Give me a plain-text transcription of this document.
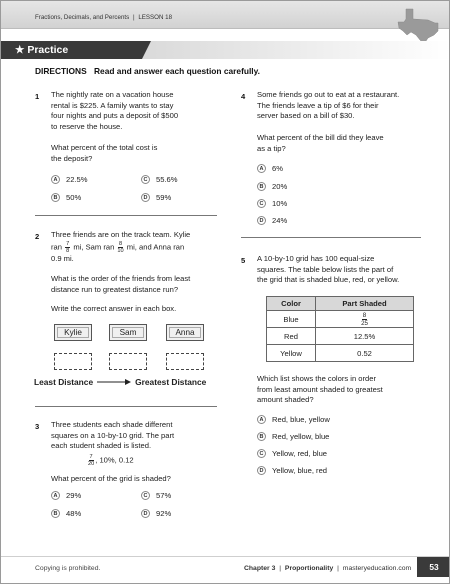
Fractions, Decimals, and Percents | LESSON 18
★ Practice
DIRECTIONS Read and answer each question carefully.
1 The nightly rate on a vacation house
rental is $225. A family wants to stay
four nights and puts a deposit of $500
to reserve the house.
What percent of the total cost is
the deposit?
A	22.5%
B	50%
C	55.6%
D	59%
2 Three friends are on the track team. Kylie
ran $\frac{7}{8}$ mi, Sam ran $\frac{8}{10}$ mi, and Anna ran
0.9 mi.
What is the order of the friends from least
distance run to greatest distance run?
Write the correct answer in each box.
Kylie	Sam	Anna
Least Distance	Greatest Distance
3 Three students each shade different
squares on a 10-by-10 grid. The part
each student shaded is listed.
$\frac{7}{20}$ , 10%, 0.12
What percent of the grid is shaded?
A	29%
B	48%
C	57%
D	92%
4 Some friends go out to eat at a restaurant.
The friends leave a tip of $6 for their
server based on a bill of $30.
What percent of the bill did they leave
as a tip?
A	6%
B	20%
C	10%
D	24%
5 A 10-by-10 grid has 100 equal-size
squares. The table below lists the part of
the grid that is shaded blue, red, or yellow.
Color	Part Shaded
Blue	$\frac{8}{25}$

Red	12.5%
Yellow	0.52
Which list shows the colors in order
from least amount shaded to greatest
amount shaded?
A	Red, blue, yellow
B	Red, yellow, blue
C	Yellow, red, blue
D	Yellow, blue, red
Copying is prohibited.	Chapter 3 | Proportionality | masteryeducation.com	53
